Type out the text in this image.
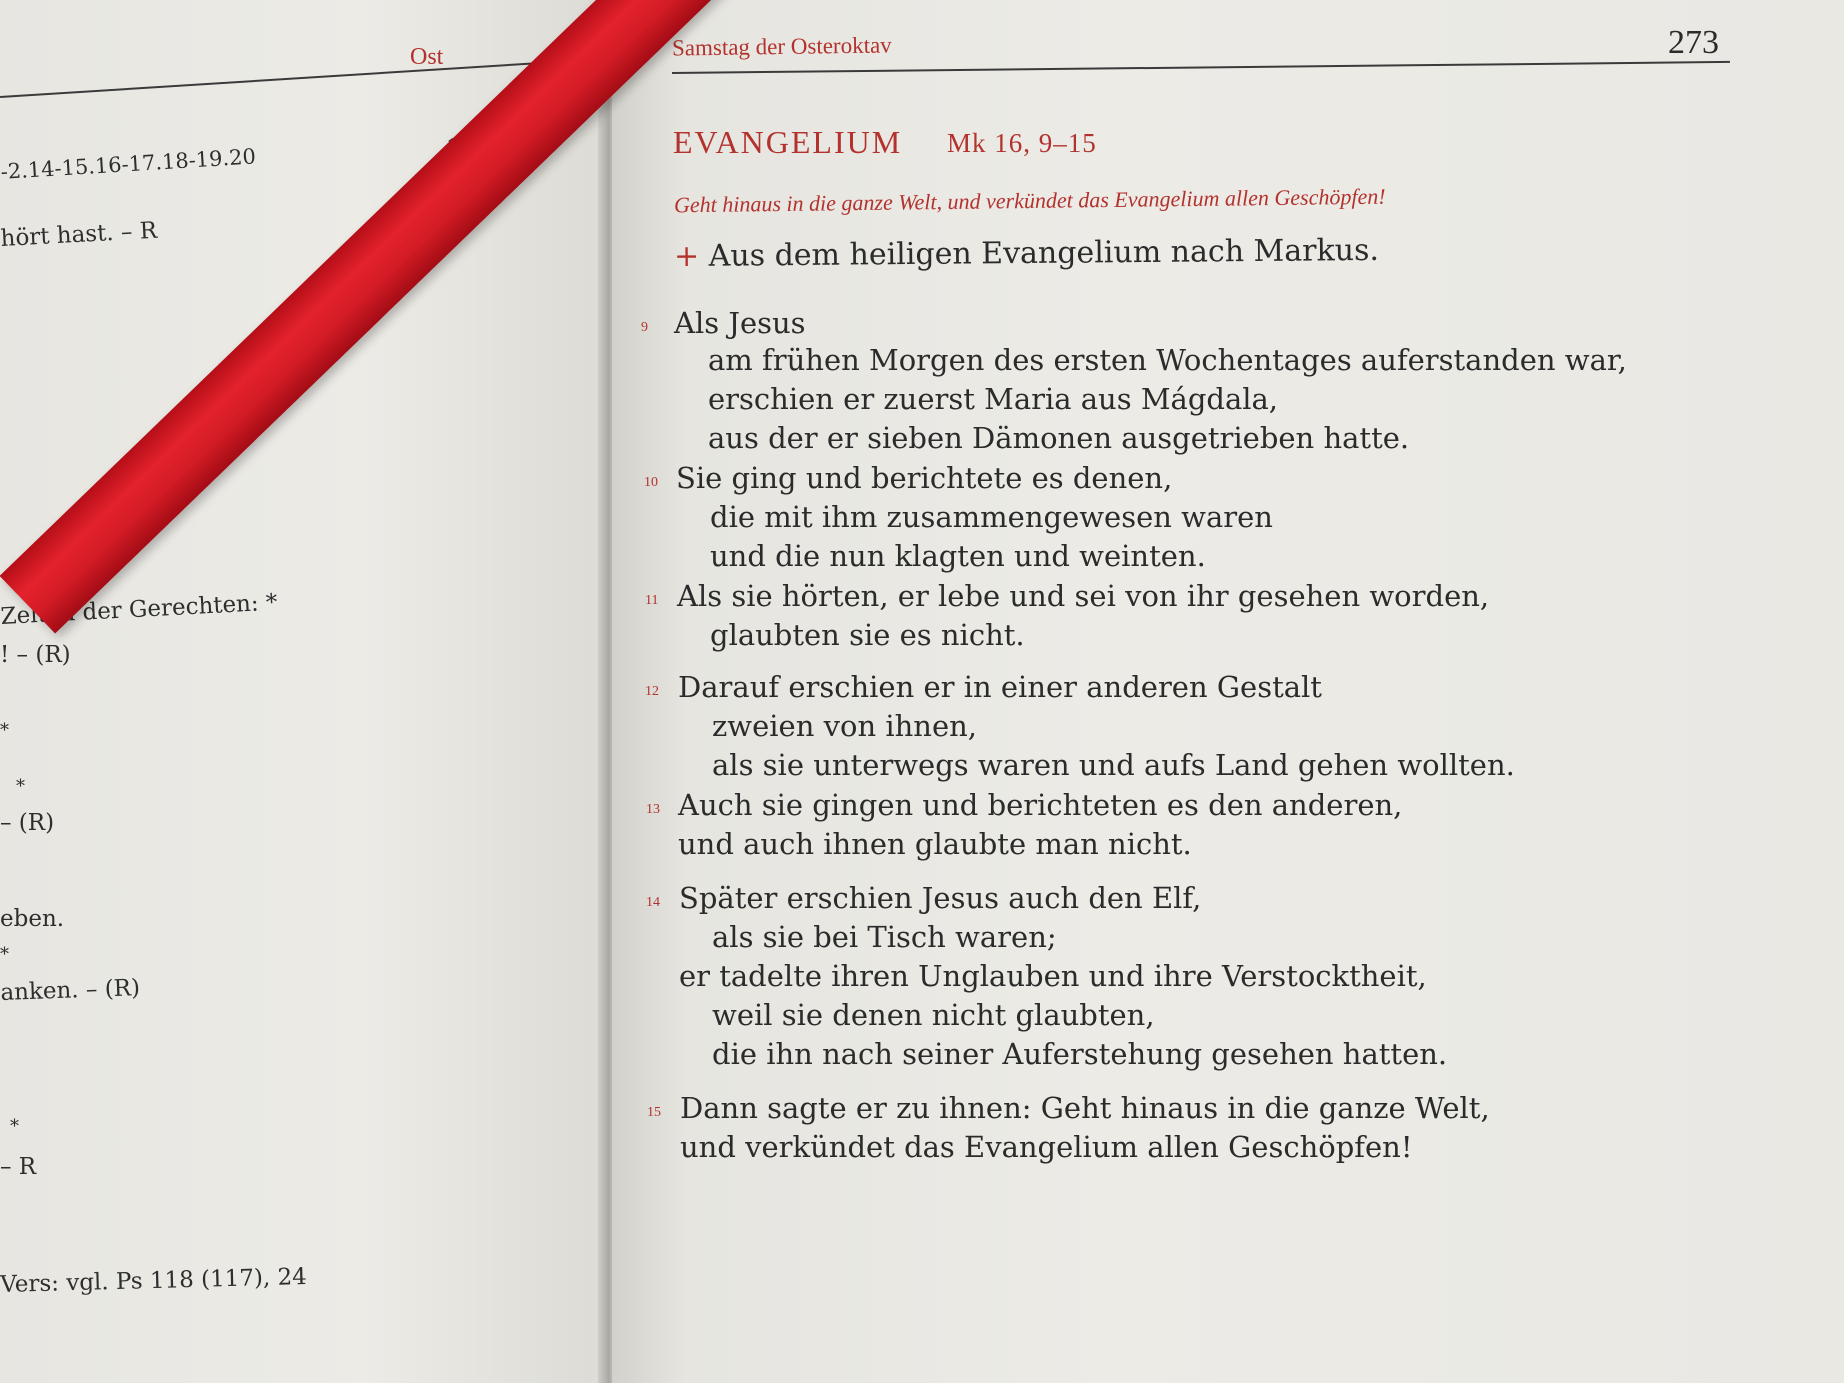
Ost
-2.14-15.16-17.18-19.20
hört hast. – R
Zelten der Gerechten: *
! – (R)
*
*
– (R)
eben.
*
anken. – (R)
*
– R
Vers: vgl. Ps 118 (117), 24
Samstag der Osteroktav	273
EVANGELIUM Mk 16, 9–15
Geht hinaus in die ganze Welt, und verkündet das Evangelium allen Geschöpfen!
+ Aus dem heiligen Evangelium nach Markus.
9 Als Jesus
am frühen Morgen des ersten Wochentages auferstanden war,
erschien er zuerst Maria aus Mágdala,
aus der er sieben Dämonen ausgetrieben hatte.
10 Sie ging und berichtete es denen,
die mit ihm zusammengewesen waren
und die nun klagten und weinten.
11 Als sie hörten, er lebe und sei von ihr gesehen worden,
glaubten sie es nicht.
12 Darauf erschien er in einer anderen Gestalt
zweien von ihnen,
als sie unterwegs waren und aufs Land gehen wollten.
13 Auch sie gingen und berichteten es den anderen,
und auch ihnen glaubte man nicht.
14 Später erschien Jesus auch den Elf,
als sie bei Tisch waren;
er tadelte ihren Unglauben und ihre Verstocktheit,
weil sie denen nicht glaubten,
die ihn nach seiner Auferstehung gesehen hatten.
15 Dann sagte er zu ihnen: Geht hinaus in die ganze Welt,
und verkündet das Evangelium allen Geschöpfen!
